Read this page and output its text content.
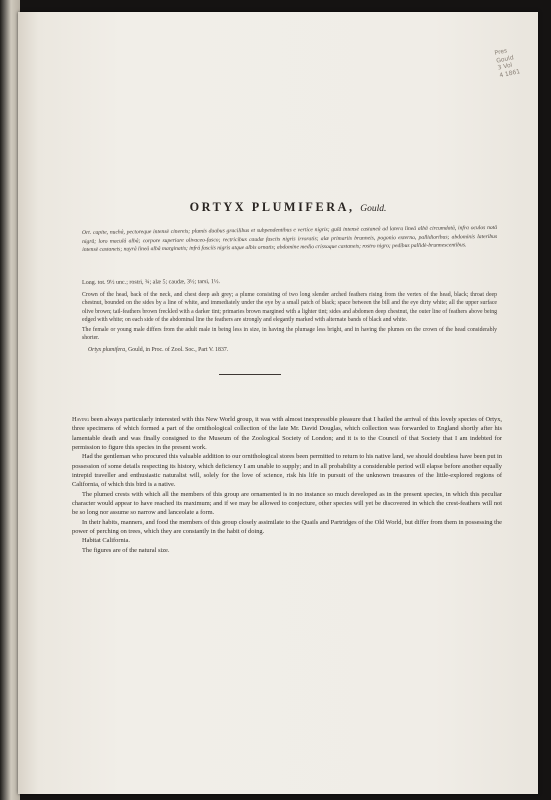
Pres
Gould
3 Vol
4 1861
ORTYX PLUMIFERA, Gould.
Ort. capite, nuchâ, pectoreque intensè cinereis; plumis duabus gracilibus et subpendentibus e vertice nigris; gulâ intensè castaneâ ad latera lineâ albâ circumdatâ, infra oculos notâ nigrâ; loro maculâ albâ; corpore superiore olivaceo-fusco; rectricibus caudæ fasciis nigris irroratis; alæ primariis brunneis, pogonio externo, pallidioribus; abdominis lateribus intensè castaneis; nuyrâ lineâ albâ marginatis; infrâ fasciis nigris atque albis ornatis; abdomine medio crissoque castaneis; rostro nigro; pedibus pallidè-brunnescentibus.
Long. tot. 9½ unc.; rostri, ¾; alæ 5; caudæ, 3½; tarsi, 1½.

Crown of the head, back of the neck, and chest deep ash grey; a plume consisting of two long slender arched feathers rising from the vertex of the head, black; throat deep chestnut, bounded on the sides by a line of white, and immediately under the eye by a small patch of black; space between the bill and the eye dirty white; all the upper surface olive brown; tail-feathers brown freckled with a darker tint; primaries brown margined with a lighter tint; sides and abdomen deep chestnut, the outer line of feathers above being edged with white; on each side of the abdominal line the feathers are strongly and elegantly marked with alternate bands of black and white.

The female or young male differs from the adult male in being less in size, in having the plumage less bright, and in having the plumes on the crown of the head considerably shorter.

Ortyx plumifera, Gould, in Proc. of Zool. Soc., Part V. 1837.

Having been always particularly interested with this New World group, it was with almost inexpressible pleasure that I hailed the arrival of this lovely species of Ortyx, three specimens of which formed a part of the ornithological collection of the late Mr. David Douglas, which collection was forwarded to England shortly after his lamentable death and was finally consigned to the Museum of the Zoological Society of London; and it is to the Council of that Society that I am indebted for permission to figure this species in the present work.

Had the gentleman who procured this valuable addition to our ornithological stores been permitted to return to his native land, we should doubtless have been put in possession of some details respecting its history, which deficiency I am unable to supply; and in all probability a considerable period will elapse before another equally intrepid traveller and enthusiastic naturalist will, solely for the love of science, risk his life in pursuit of the unknown treasures of the little-explored regions of California, of which this bird is a native.

The plumed crests with which all the members of this group are ornamented is in no instance so much developed as in the present species, in which this peculiar character would appear to have reached its maximum; and if we may be allowed to conjecture, other species will yet be discovered in which the crest-feathers will not be so long nor assume so narrow and lanceolate a form.

In their habits, manners, and food the members of this group closely assimilate to the Quails and Partridges of the Old World, but differ from them in possessing the power of perching on trees, which they are constantly in the habit of doing.

Habitat California.

The figures are of the natural size.
